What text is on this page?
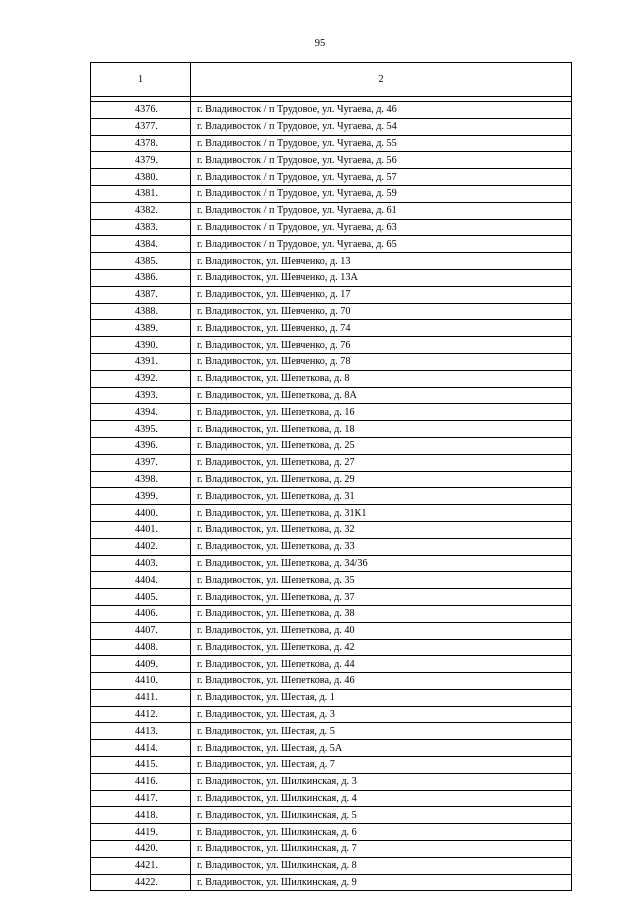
95
1	2

4376.	г. Владивосток / п Трудовое, ул. Чугаева, д. 46
4377.	г. Владивосток / п Трудовое, ул. Чугаева, д. 54
4378.	г. Владивосток / п Трудовое, ул. Чугаева, д. 55
4379.	г. Владивосток / п Трудовое, ул. Чугаева, д. 56
4380.	г. Владивосток / п Трудовое, ул. Чугаева, д. 57
4381.	г. Владивосток / п Трудовое, ул. Чугаева, д. 59
4382.	г. Владивосток / п Трудовое, ул. Чугаева, д. 61
4383.	г. Владивосток / п Трудовое, ул. Чугаева, д. 63
4384.	г. Владивосток / п Трудовое, ул. Чугаева, д. 65
4385.	г. Владивосток, ул. Шевченко, д. 13
4386.	г. Владивосток, ул. Шевченко, д. 13А
4387.	г. Владивосток, ул. Шевченко, д. 17
4388.	г. Владивосток, ул. Шевченко, д. 70
4389.	г. Владивосток, ул. Шевченко, д. 74
4390.	г. Владивосток, ул. Шевченко, д. 76
4391.	г. Владивосток, ул. Шевченко, д. 78
4392.	г. Владивосток, ул. Шепеткова, д. 8
4393.	г. Владивосток, ул. Шепеткова, д. 8А
4394.	г. Владивосток, ул. Шепеткова, д. 16
4395.	г. Владивосток, ул. Шепеткова, д. 18
4396.	г. Владивосток, ул. Шепеткова, д. 25
4397.	г. Владивосток, ул. Шепеткова, д. 27
4398.	г. Владивосток, ул. Шепеткова, д. 29
4399.	г. Владивосток, ул. Шепеткова, д. 31
4400.	г. Владивосток, ул. Шепеткова, д. 31К1
4401.	г. Владивосток, ул. Шепеткова, д. 32
4402.	г. Владивосток, ул. Шепеткова, д. 33
4403.	г. Владивосток, ул. Шепеткова, д. 34/36
4404.	г. Владивосток, ул. Шепеткова, д. 35
4405.	г. Владивосток, ул. Шепеткова, д. 37
4406.	г. Владивосток, ул. Шепеткова, д. 38
4407.	г. Владивосток, ул. Шепеткова, д. 40
4408.	г. Владивосток, ул. Шепеткова, д. 42
4409.	г. Владивосток, ул. Шепеткова, д. 44
4410.	г. Владивосток, ул. Шепеткова, д. 46
4411.	г. Владивосток, ул. Шестая, д. 1
4412.	г. Владивосток, ул. Шестая, д. 3
4413.	г. Владивосток, ул. Шестая, д. 5
4414.	г. Владивосток, ул. Шестая, д. 5А
4415.	г. Владивосток, ул. Шестая, д. 7
4416.	г. Владивосток, ул. Шилкинская, д. 3
4417.	г. Владивосток, ул. Шилкинская, д. 4
4418.	г. Владивосток, ул. Шилкинская, д. 5
4419.	г. Владивосток, ул. Шилкинская, д. 6
4420.	г. Владивосток, ул. Шилкинская, д. 7
4421.	г. Владивосток, ул. Шилкинская, д. 8
4422.	г. Владивосток, ул. Шилкинская, д. 9
